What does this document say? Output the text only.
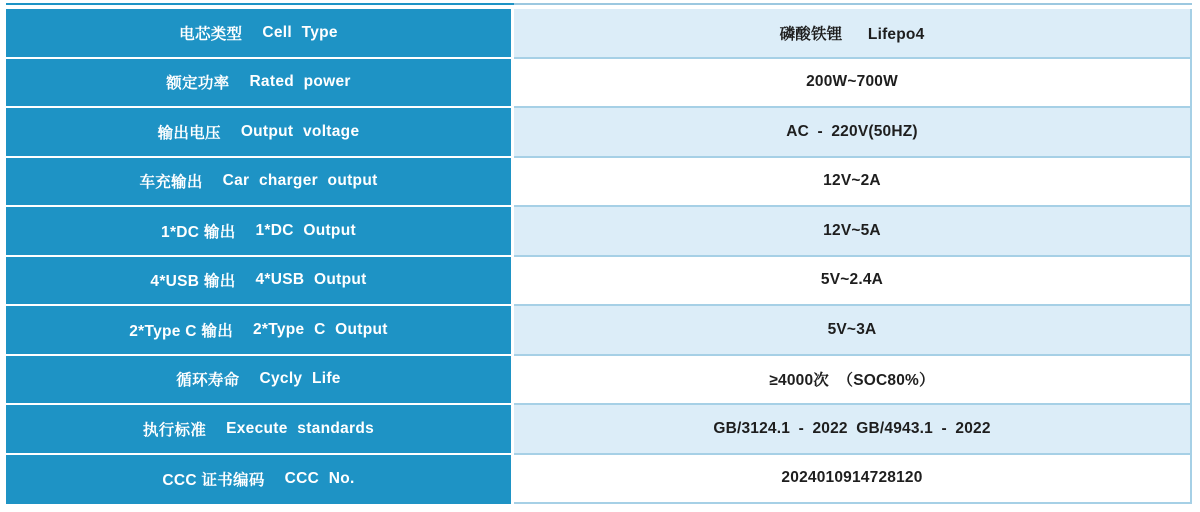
电芯类型 Cell Type	磷酸铁锂   Lifepo4
额定功率 Rated power	200W~700W
输出电压 Output voltage	AC - 220V(50HZ)
车充输出 Car charger output	12V~2A
1*DC 输出 1*DC Output	12V~5A
4*USB 输出 4*USB Output	5V~2.4A
2*Type C 输出 2*Type C Output	5V~3A
循环寿命 Cycly Life	≥4000次 （SOC80%）
执行标准 Execute standards	GB/3124.1 - 2022 GB/4943.1 - 2022
CCC 证书编码 CCC No.	2024010914728120
